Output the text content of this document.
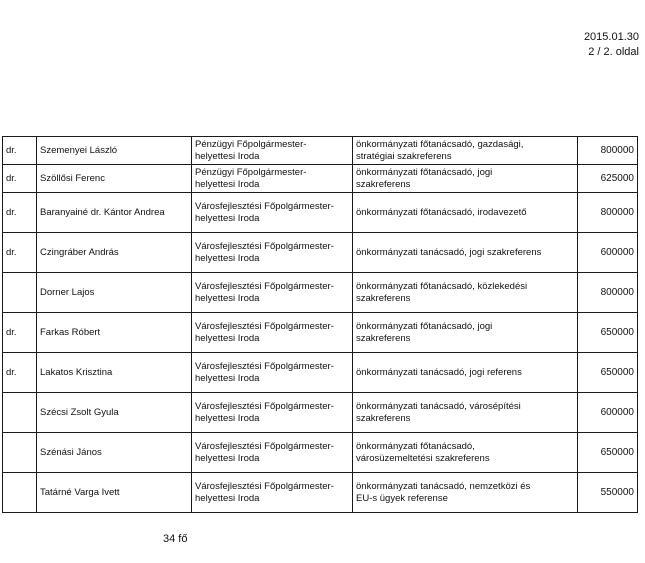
2015.01.30
2 / 2. oldal
dr.	Szemenyei László	Pénzügyi Főpolgármester-
helyettesi Iroda	önkormányzati főtanácsadó, gazdasági,
stratégiai szakreferens	800000
dr.	Szöllősi Ferenc	Pénzügyi Főpolgármester-
helyettesi Iroda	önkormányzati főtanácsadó, jogi
szakreferens	625000
dr.	Baranyainé dr. Kántor Andrea	Városfejlesztési Főpolgármester-
helyettesi Iroda	önkormányzati főtanácsadó, irodavezető	800000
dr.	Czingráber András	Városfejlesztési Főpolgármester-
helyettesi Iroda	önkormányzati tanácsadó, jogi szakreferens	600000
	Dorner Lajos	Városfejlesztési Főpolgármester-
helyettesi Iroda	önkormányzati főtanácsadó, közlekedési
szakreferens	800000
dr.	Farkas Róbert	Városfejlesztési Főpolgármester-
helyettesi Iroda	önkormányzati főtanácsadó, jogi
szakreferens	650000
dr.	Lakatos Krisztina	Városfejlesztési Főpolgármester-
helyettesi Iroda	önkormányzati tanácsadó, jogi referens	650000
	Szécsi Zsolt Gyula	Városfejlesztési Főpolgármester-
helyettesi Iroda	önkormányzati tanácsadó, városépítési
szakreferens	600000
	Szénási János	Városfejlesztési Főpolgármester-
helyettesi Iroda	önkormányzati főtanácsadó,
városüzemeltetési szakreferens	650000
	Tatárné Varga Ivett	Városfejlesztési Főpolgármester-
helyettesi Iroda	önkormányzati tanácsadó, nemzetközi és
EU-s ügyek referense	550000
34 fő
